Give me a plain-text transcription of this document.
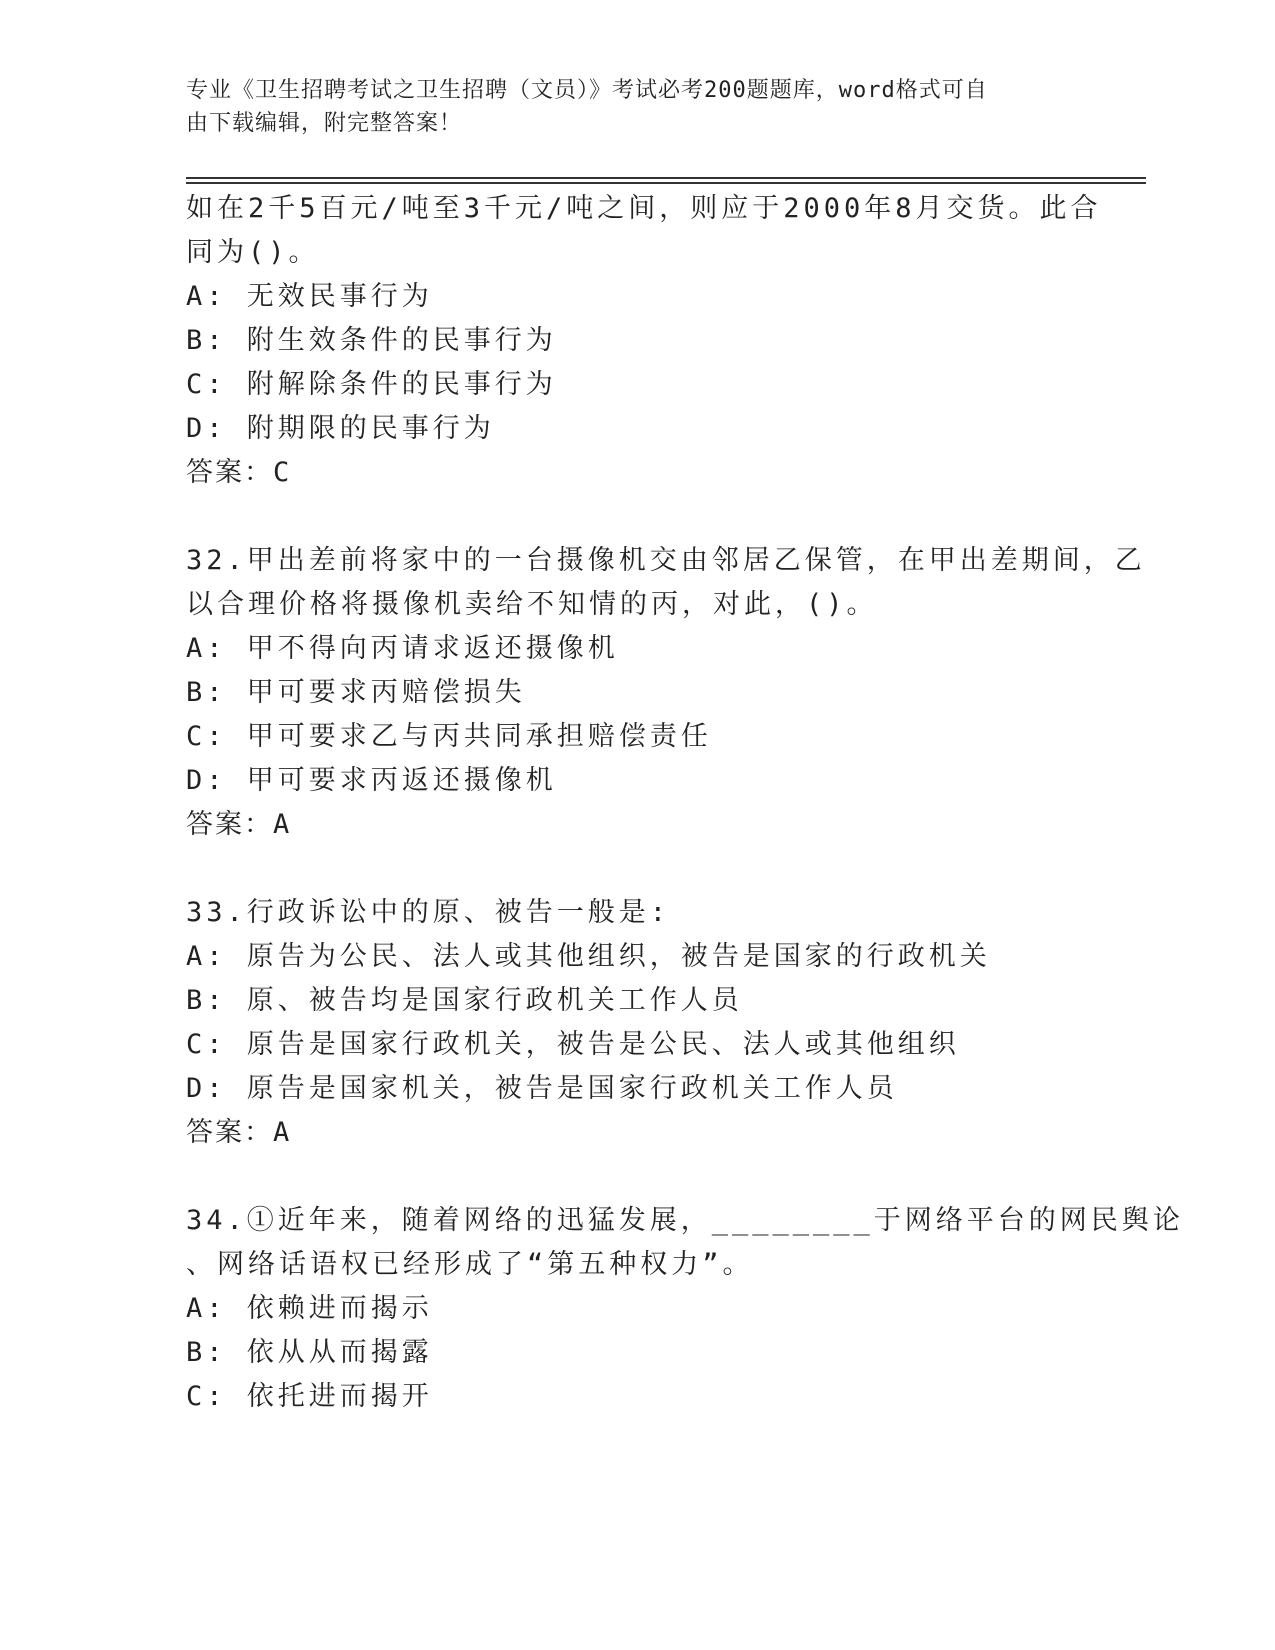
专业《卫生招聘考试之卫生招聘（文员）》考试必考200题题库，word格式可自
由下载编辑，附完整答案！
如在2千5百元/吨至3千元/吨之间，则应于2000年8月交货。此合
同为()。
A: 无效民事行为
B: 附生效条件的民事行为
C: 附解除条件的民事行为
D: 附期限的民事行为
答案：C
32.甲出差前将家中的一台摄像机交由邻居乙保管，在甲出差期间，乙
以合理价格将摄像机卖给不知情的丙，对此，()。
A: 甲不得向丙请求返还摄像机
B: 甲可要求丙赔偿损失
C: 甲可要求乙与丙共同承担赔偿责任
D: 甲可要求丙返还摄像机
答案：A
33.行政诉讼中的原、被告一般是:
A: 原告为公民、法人或其他组织，被告是国家的行政机关
B: 原、被告均是国家行政机关工作人员
C: 原告是国家行政机关，被告是公民、法人或其他组织
D: 原告是国家机关，被告是国家行政机关工作人员
答案：A
34.①近年来，随着网络的迅猛发展，________于网络平台的网民舆论
、网络话语权已经形成了“第五种权力”。
A: 依赖进而揭示
B: 依从从而揭露
C: 依托进而揭开
